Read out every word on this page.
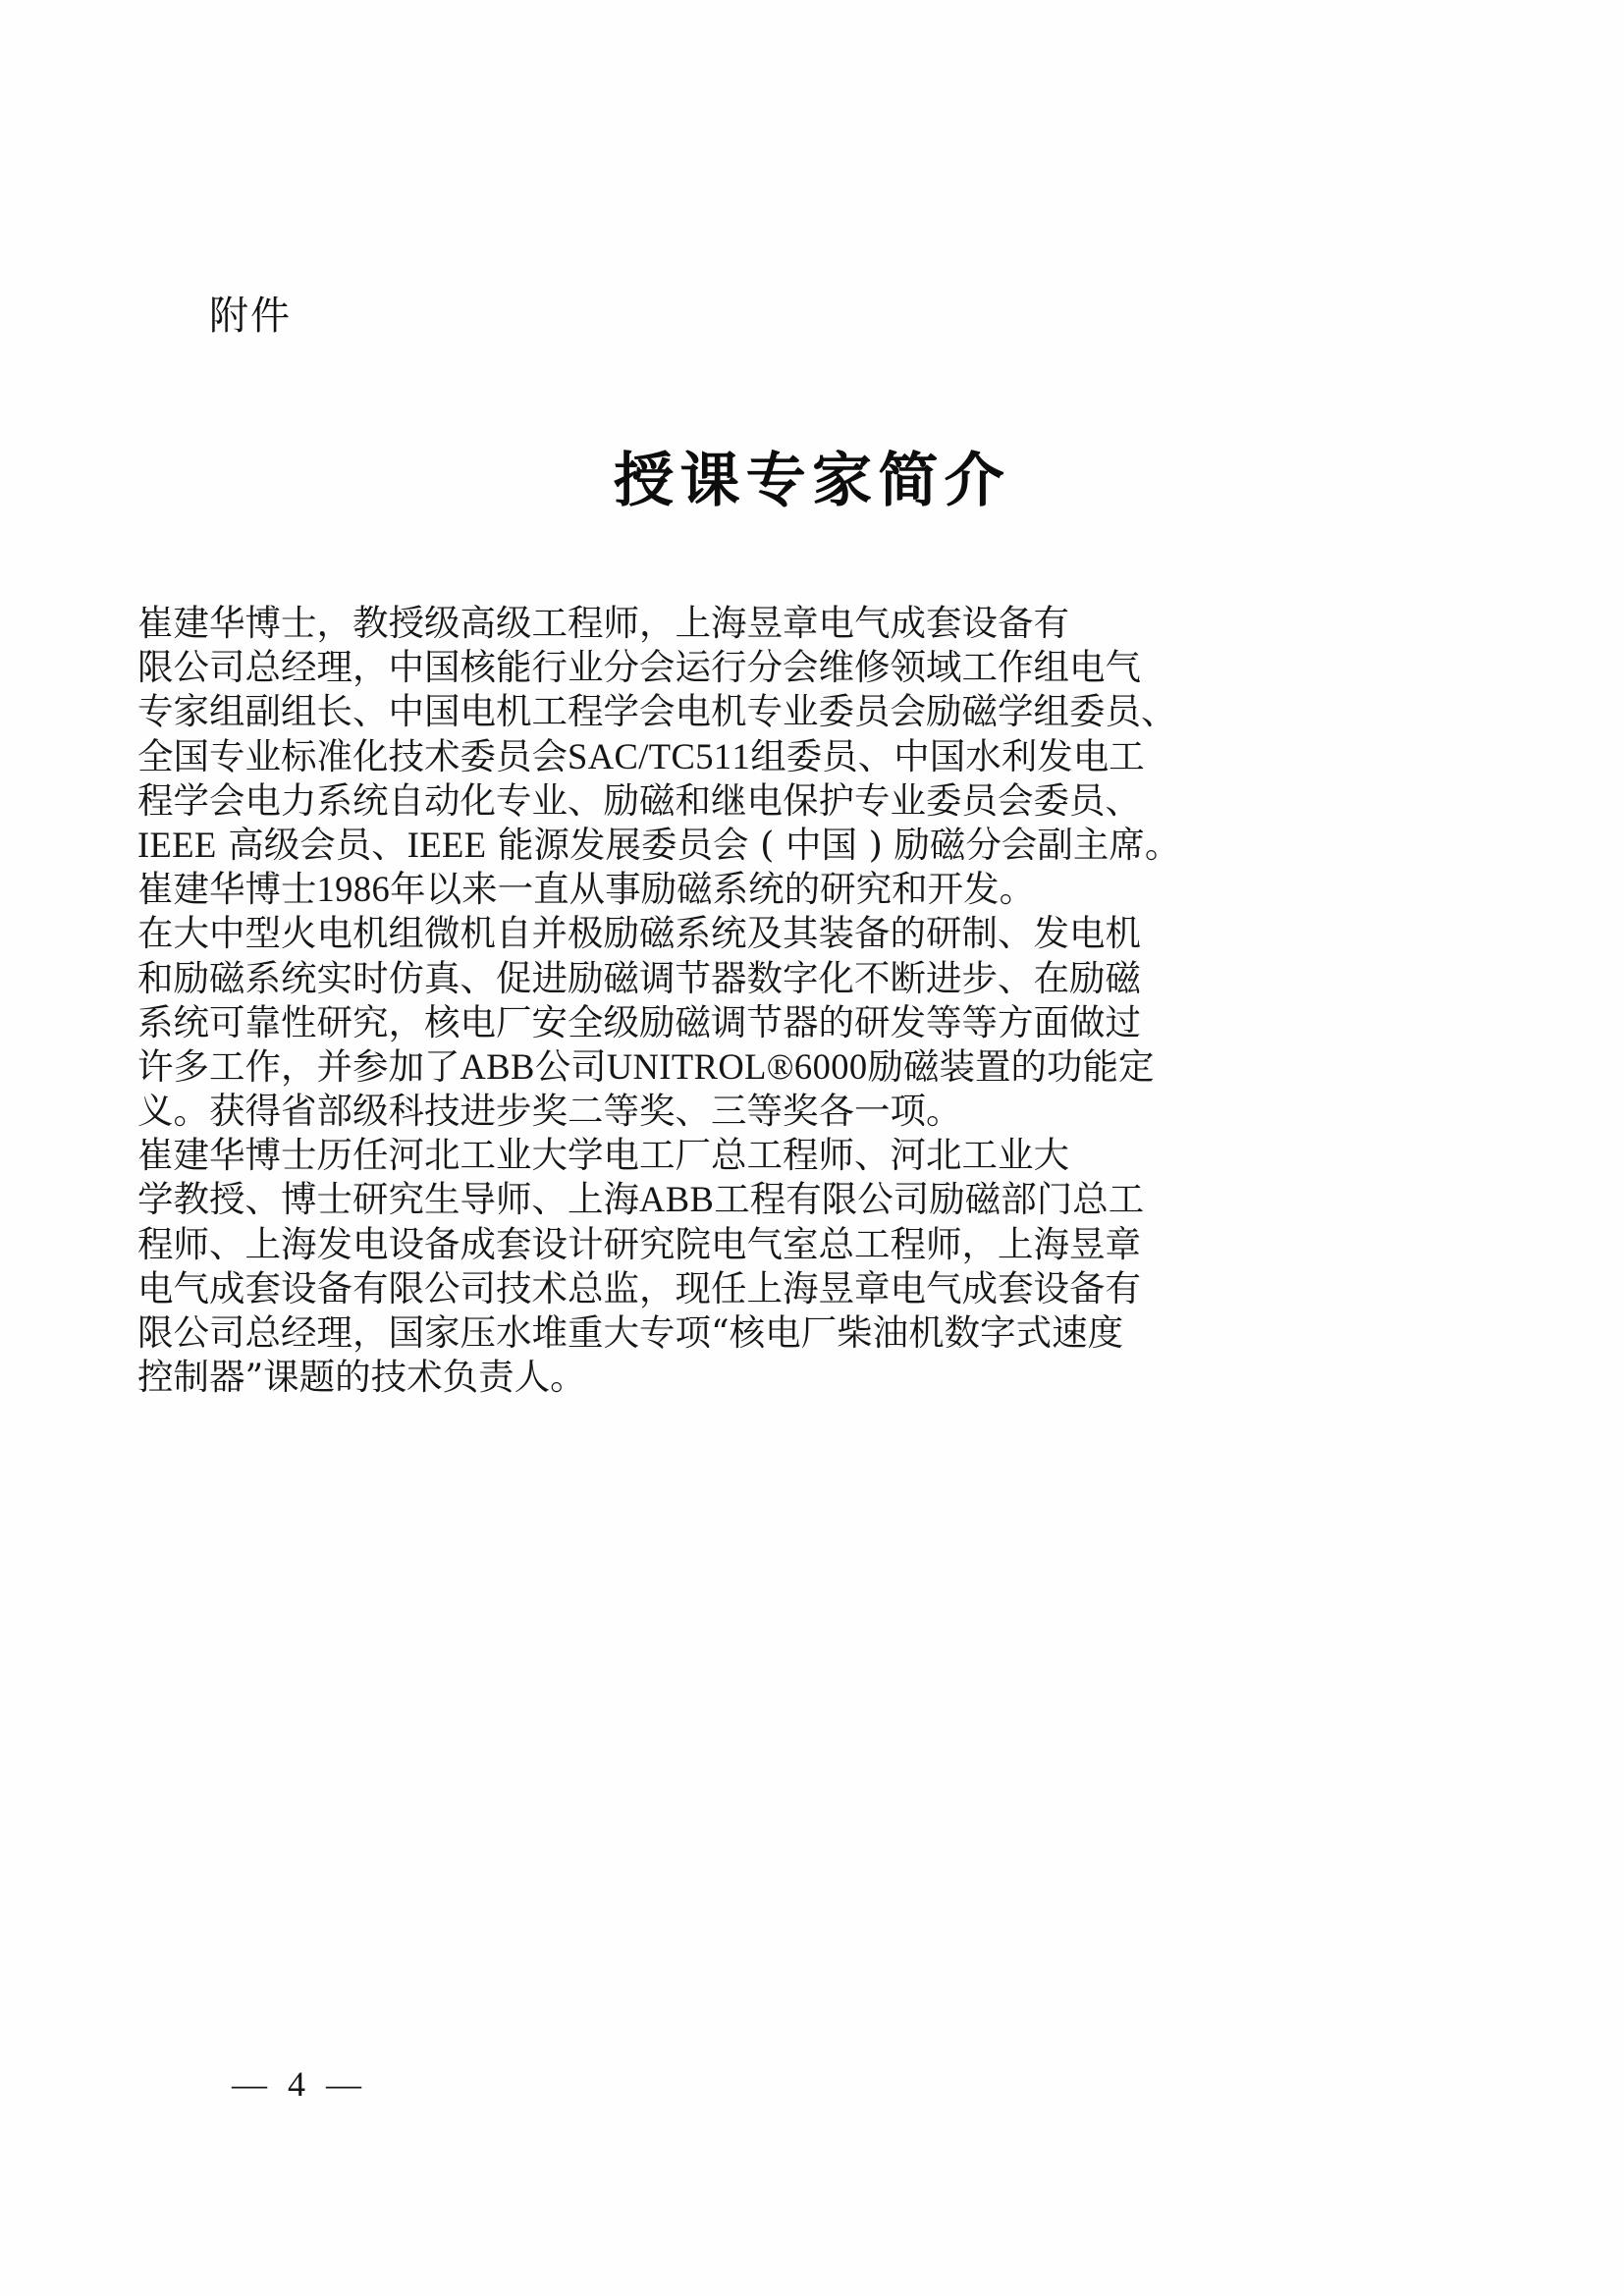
附件
授课专家简介
崔 建 华 博 士 ， 教 授 级 高 级 工 程 师 ， 上 海 昱 章 电 气 成 套 设 备 有
限 公 司 总 经 理 ， 中 国 核 能 行 业 分 会 运 行 分 会 维 修 领 域 工 作 组 电 气
专 家 组 副 组 长 、 中 国 电 机 工 程 学 会 电 机 专 业 委 员 会 励 磁 学 组 委 员 、
全 国 专 业 标 准 化 技 术 委 员 会 S A C / T C 5 1 1 组 委 员 、 中 国 水 利 发 电 工
程 学 会 电 力 系 统 自 动 化 专 业 、 励 磁 和 继 电 保 护 专 业 委 员 会 委 员 、
IEEE 高级会员、IEEE 能源发展委员会 ( 中国 ) 励磁分会副主席。
崔 建 华 博 士 1 9 8 6 年 以 来 一 直 从 事 励 磁 系 统 的 研 究 和 开 发 。
在 大 中 型 火 电 机 组 微 机 自 并 极 励 磁 系 统 及 其 装 备 的 研 制 、 发 电 机
和 励 磁 系 统 实 时 仿 真 、 促 进 励 磁 调 节 器 数 字 化 不 断 进 步 、 在 励 磁
系 统 可 靠 性 研 究 ， 核 电 厂 安 全 级 励 磁 调 节 器 的 研 发 等 等 方 面 做 过
许 多 工 作 ， 并 参 加 了 A B B 公 司 U N I T R O L ® 6 0 0 0 励 磁 装 置 的 功 能 定
义。获得省部级科技进步奖二等奖、三等奖各一项。
崔 建 华 博 士 历 任 河 北 工 业 大 学 电 工 厂 总 工 程 师 、 河 北 工 业 大
学 教 授 、 博 士 研 究 生 导 师 、 上 海 A B B 工 程 有 限 公 司 励 磁 部 门 总 工
程 师 、 上 海 发 电 设 备 成 套 设 计 研 究 院 电 气 室 总 工 程 师 ， 上 海 昱 章
电 气 成 套 设 备 有 限 公 司 技 术 总 监 ， 现 任 上 海 昱 章 电 气 成 套 设 备 有
限 公 司 总 经 理 ， 国 家 压 水 堆 重 大 专 项 “ 核 电 厂 柴 油 机 数 字 式 速 度
控制器”课题的技术负责人。
— 4 —
